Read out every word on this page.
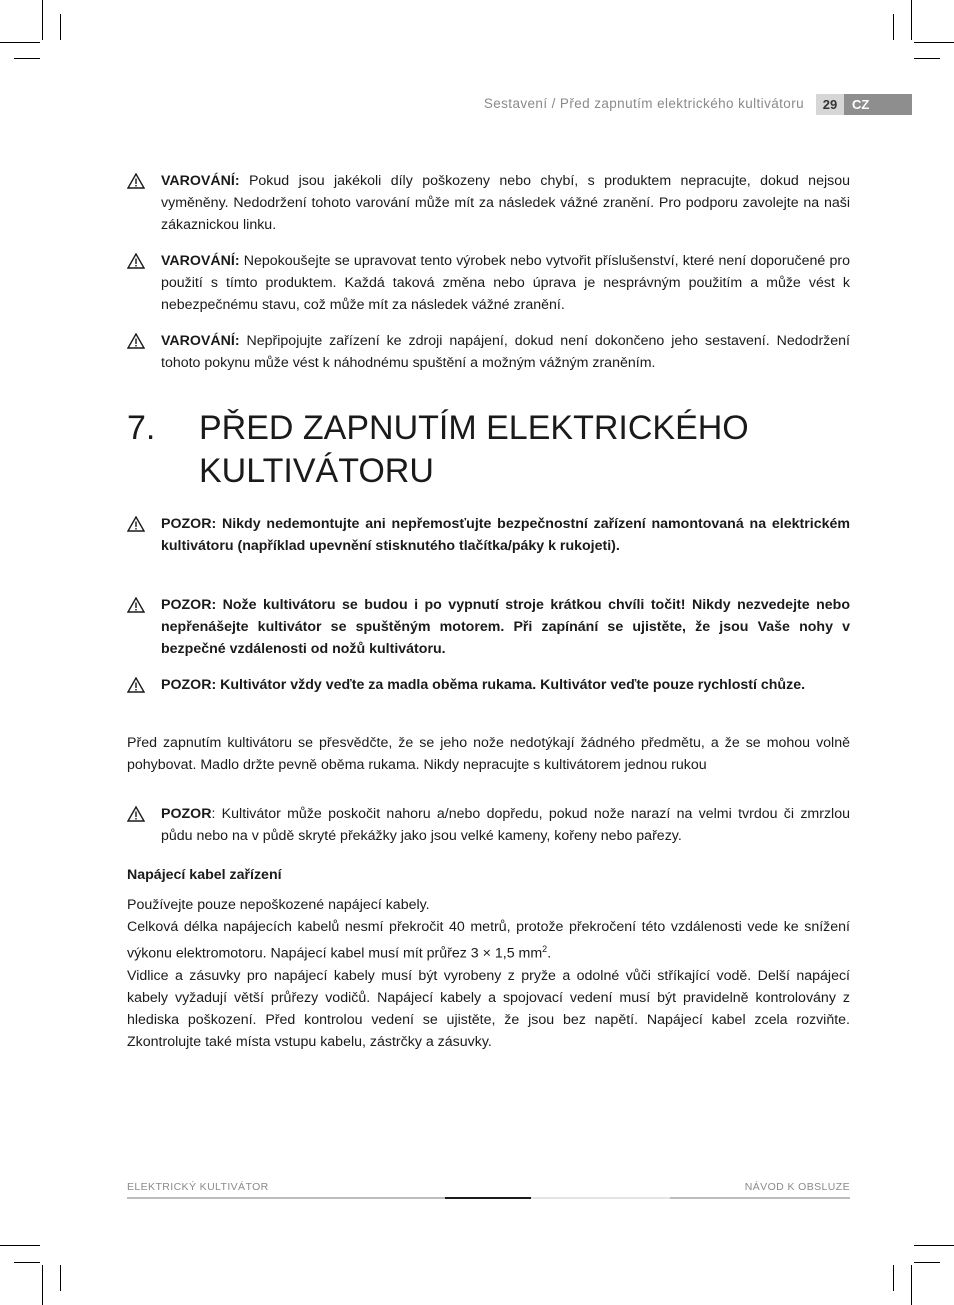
Sestavení / Před zapnutím elektrického kultivátoru	29	CZ
VAROVÁNÍ: Pokud jsou jakékoli díly poškozeny nebo chybí, s produktem nepracujte, dokud nejsou vyměněny. Nedodržení tohoto varování může mít za následek vážné zranění. Pro podporu zavolejte na naši zákaznickou linku.
VAROVÁNÍ: Nepokoušejte se upravovat tento výrobek nebo vytvořit příslušenství, které není doporučené pro použití s tímto produktem. Každá taková změna nebo úprava je nesprávným použitím a může vést k nebezpečnému stavu, což může mít za následek vážné zranění.
VAROVÁNÍ: Nepřipojujte zařízení ke zdroji napájení, dokud není dokončeno jeho sestavení. Nedodržení tohoto pokynu může vést k náhodnému spuštění a možným vážným zraněním.
7.	PŘED ZAPNUTÍM ELEKTRICKÉHO KULTIVÁTORU
POZOR: Nikdy nedemontujte ani nepřemosťujte bezpečnostní zařízení namontovaná na elektrickém kultivátoru (například upevnění stisknutého tlačítka/páky k rukojeti).
POZOR: Nože kultivátoru se budou i po vypnutí stroje krátkou chvíli točit! Nikdy nezvedejte nebo nepřenášejte kultivátor se spuštěným motorem. Při zapínání se ujistěte, že jsou Vaše nohy v bezpečné vzdálenosti od nožů kultivátoru.
POZOR: Kultivátor vždy veďte za madla oběma rukama. Kultivátor veďte pouze rychlostí chůze.
Před zapnutím kultivátoru se přesvědčte, že se jeho nože nedotýkají žádného předmětu, a že se mohou volně pohybovat. Madlo držte pevně oběma rukama. Nikdy nepracujte s kultivátorem jednou rukou
POZOR: Kultivátor může poskočit nahoru a/nebo dopředu, pokud nože narazí na velmi tvrdou či zmrzlou půdu nebo na v půdě skryté překážky jako jsou velké kameny, kořeny nebo pařezy.
Napájecí kabel zařízení
Používejte pouze nepoškozené napájecí kabely.
Celková délka napájecích kabelů nesmí překročit 40 metrů, protože překročení této vzdálenosti vede ke snížení výkonu elektromotoru. Napájecí kabel musí mít průřez 3 × 1,5 $mm^2$.
Vidlice a zásuvky pro napájecí kabely musí být vyrobeny z pryže a odolné vůči stříkající vodě. Delší napájecí kabely vyžadují větší průřezy vodičů. Napájecí kabely a spojovací vedení musí být pravidelně kontrolovány z hlediska poškození. Před kontrolou vedení se ujistěte, že jsou bez napětí. Napájecí kabel zcela rozviňte. Zkontrolujte také místa vstupu kabelu, zástrčky a zásuvky.
ELEKTRICKÝ KULTIVÁTOR	NÁVOD K OBSLUZE
